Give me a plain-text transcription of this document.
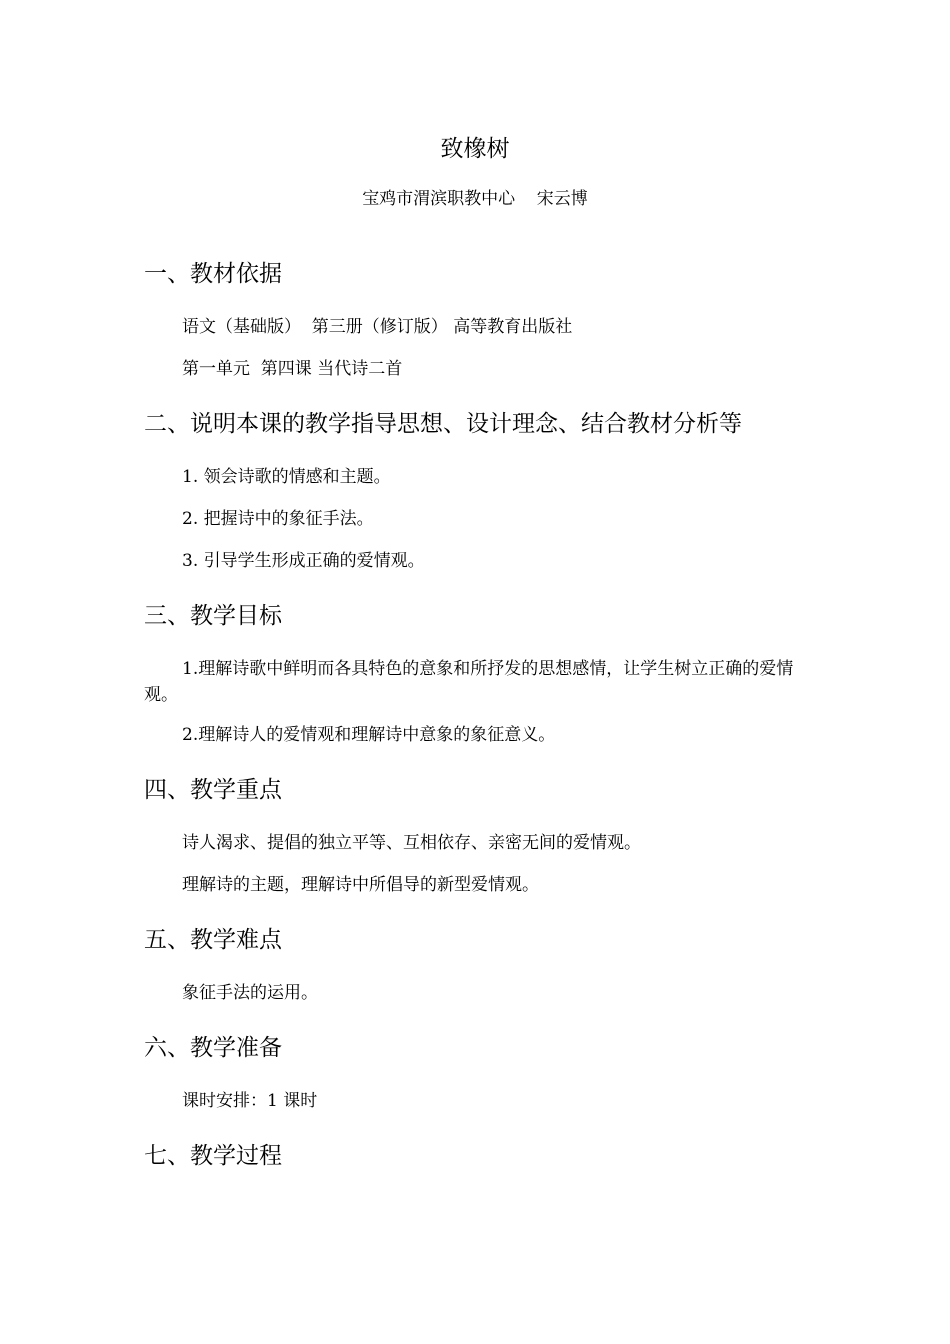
致橡树
宝鸡市渭滨职教中心    宋云博
一、教材依据
语文（基础版）  第三册（修订版） 高等教育出版社
第一单元  第四课 当代诗二首
二、说明本课的教学指导思想、设计理念、结合教材分析等
1. 领会诗歌的情感和主题。
2. 把握诗中的象征手法。
3. 引导学生形成正确的爱情观。
三、教学目标
1.理解诗歌中鲜明而各具特色的意象和所抒发的思想感情，让学生树立正确的爱情观。
2.理解诗人的爱情观和理解诗中意象的象征意义。
四、教学重点
诗人渴求、提倡的独立平等、互相依存、亲密无间的爱情观。
理解诗的主题，理解诗中所倡导的新型爱情观。
五、教学难点
象征手法的运用。
六、教学准备
课时安排：1 课时
七、教学过程
